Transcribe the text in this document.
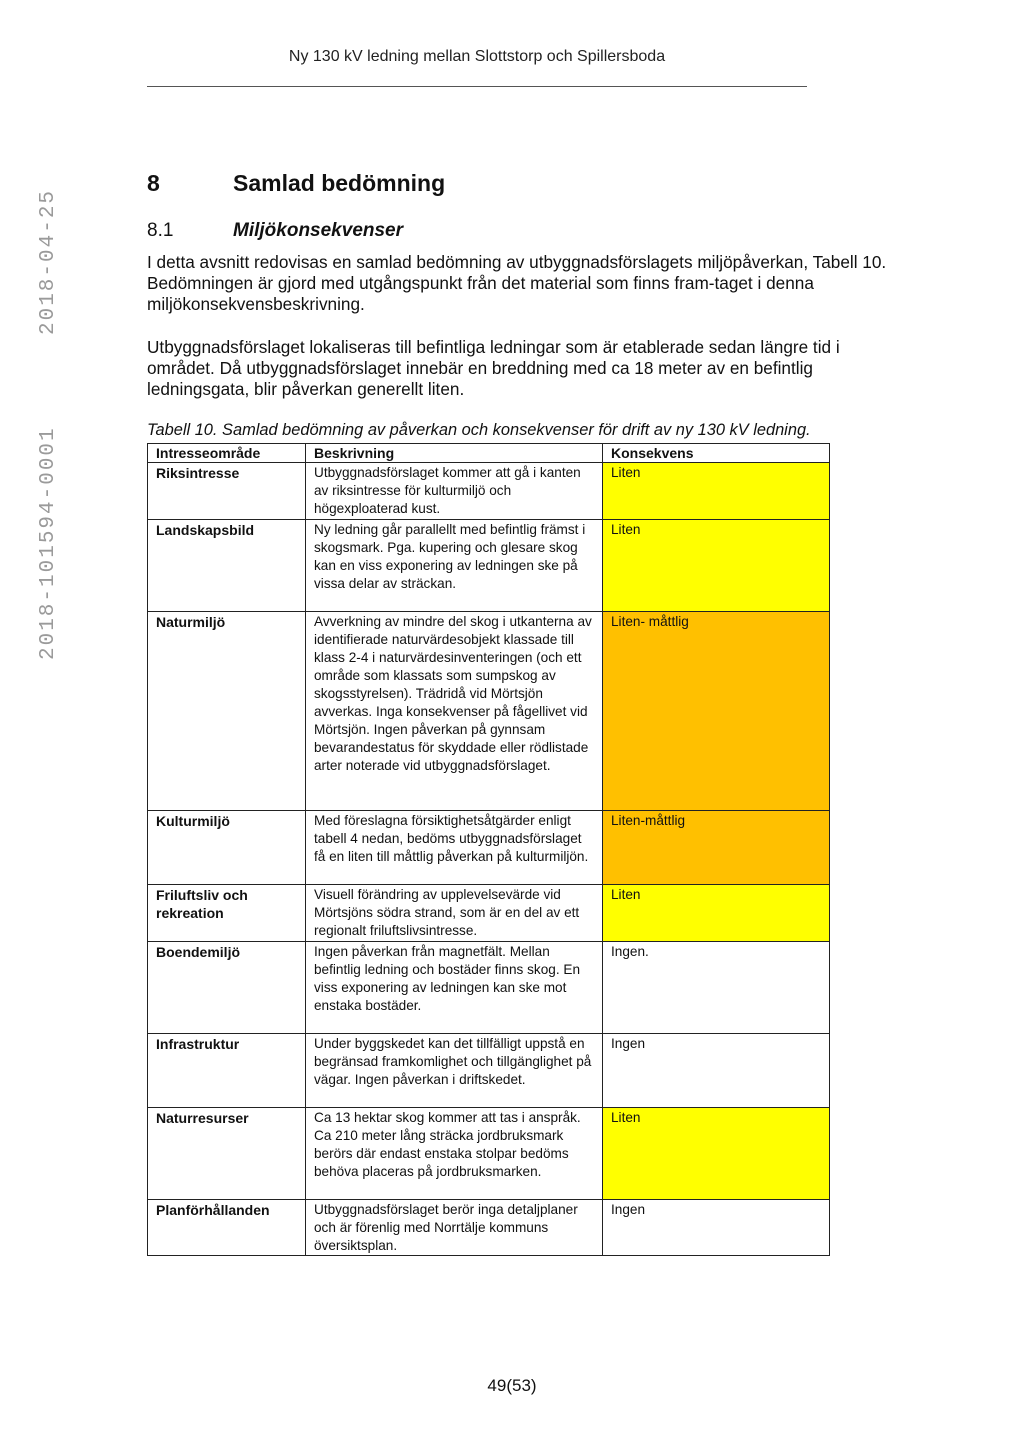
Ny 130 kV ledning mellan Slottstorp och Spillersboda
2018-04-25
2018-101594-0001
8	Samlad bedömning
8.1	Miljökonsekvenser
I detta avsnitt redovisas en samlad bedömning av utbyggnadsförslagets miljöpåverkan, Tabell 10. Bedömningen är gjord med utgångspunkt från det material som finns fram-taget i denna miljökonsekvensbeskrivning.
Utbyggnadsförslaget lokaliseras till befintliga ledningar som är etablerade sedan längre tid i området. Då utbyggnadsförslaget innebär en breddning med ca 18 meter av en befintlig ledningsgata, blir påverkan generellt liten.
Tabell 10. Samlad bedömning av påverkan och konsekvenser för drift av ny 130 kV ledning.
Intresseområde	Beskrivning	Konsekvens
Riksintresse	Utbyggnadsförslaget kommer att gå i kanten av riksintresse för kulturmiljö och högexploaterad kust.	Liten
Landskapsbild	Ny ledning går parallellt med befintlig främst i skogsmark. Pga. kupering och glesare skog kan en viss exponering av ledningen ske på vissa delar av sträckan.	Liten
Naturmiljö	Avverkning av mindre del skog i utkanterna av identifierade naturvärdesobjekt klassade till klass 2-4 i naturvärdesinventeringen (och ett område som klassats som sumpskog av skogsstyrelsen). Trädridå vid Mörtsjön avverkas. Inga konsekvenser på fågellivet vid Mörtsjön. Ingen påverkan på gynnsam bevarandestatus för skyddade eller rödlistade arter noterade vid utbyggnadsförslaget.	Liten- måttlig
Kulturmiljö	Med föreslagna försiktighetsåtgärder enligt tabell 4 nedan, bedöms utbyggnadsförslaget få en liten till måttlig påverkan på kulturmiljön.	Liten-måttlig
Friluftsliv och rekreation	Visuell förändring av upplevelsevärde vid Mörtsjöns södra strand, som är en del av ett regionalt friluftslivsintresse.	Liten
Boendemiljö	Ingen påverkan från magnetfält. Mellan befintlig ledning och bostäder finns skog. En viss exponering av ledningen kan ske mot enstaka bostäder.	Ingen.
Infrastruktur	Under byggskedet kan det tillfälligt uppstå en begränsad framkomlighet och tillgänglighet på vägar. Ingen påverkan i driftskedet.	Ingen
Naturresurser	Ca 13 hektar skog kommer att tas i anspråk. Ca 210 meter lång sträcka jordbruksmark berörs där endast enstaka stolpar bedöms behöva placeras på jordbruksmarken.	Liten
Planförhållanden	Utbyggnadsförslaget berör inga detaljplaner och är förenlig med Norrtälje kommuns översiktsplan.	Ingen
49(53)
